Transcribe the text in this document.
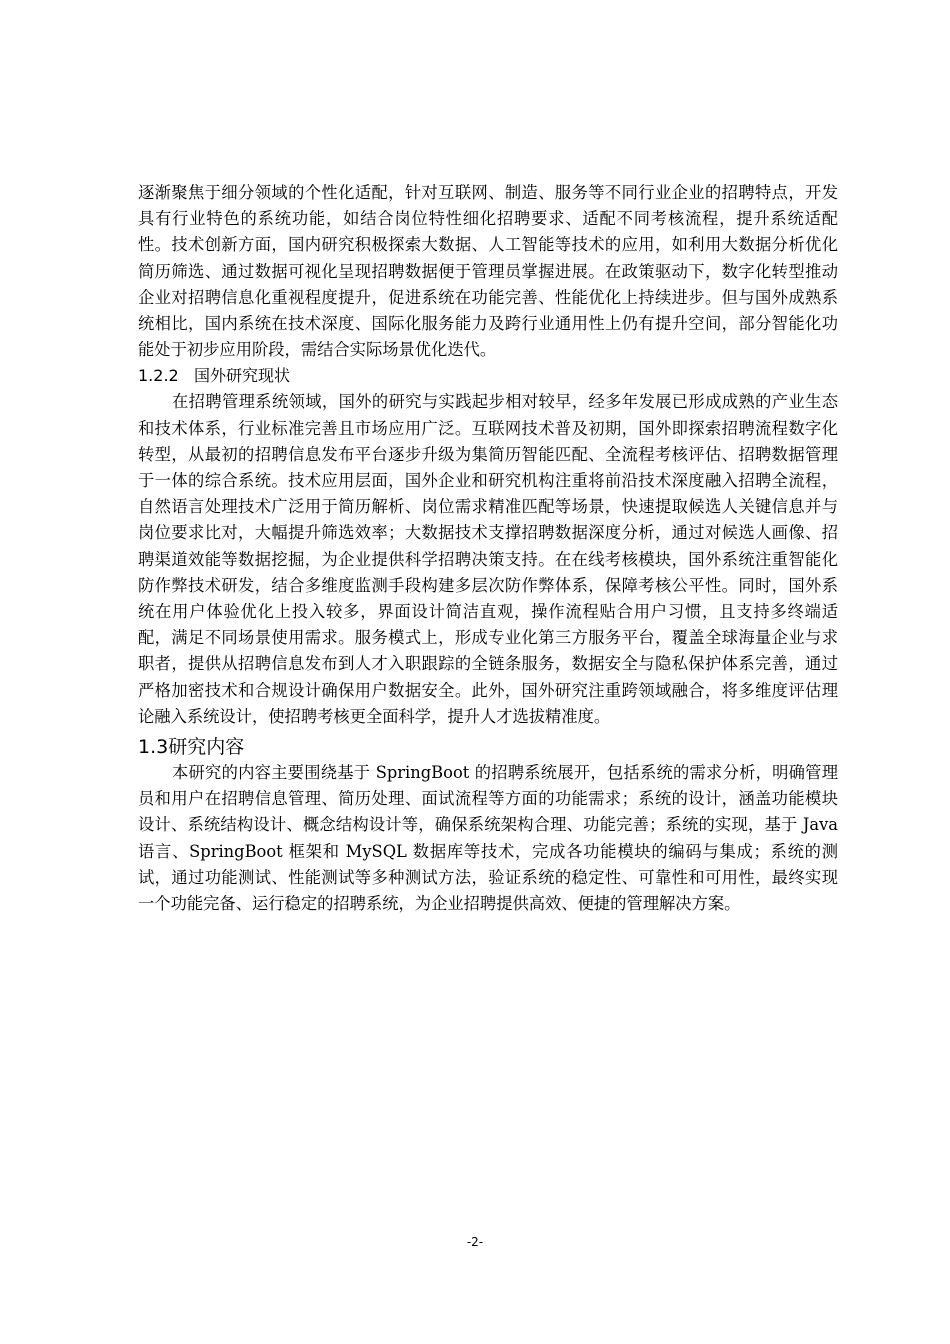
逐渐聚焦于细分领域的个性化适配，针对互联网、制造、服务等不同行业企业的招聘特点，开发具有行业特色的系统功能，如结合岗位特性细化招聘要求、适配不同考核流程，提升系统适配性。技术创新方面，国内研究积极探索大数据、人工智能等技术的应用，如利用大数据分析优化简历筛选、通过数据可视化呈现招聘数据便于管理员掌握进展。在政策驱动下，数字化转型推动企业对招聘信息化重视程度提升，促进系统在功能完善、性能优化上持续进步。但与国外成熟系统相比，国内系统在技术深度、国际化服务能力及跨行业通用性上仍有提升空间，部分智能化功能处于初步应用阶段，需结合实际场景优化迭代。

1.2.2 国外研究现状

在招聘管理系统领域，国外的研究与实践起步相对较早，经多年发展已形成成熟的产业生态和技术体系，行业标准完善且市场应用广泛。互联网技术普及初期，国外即探索招聘流程数字化转型，从最初的招聘信息发布平台逐步升级为集简历智能匹配、全流程考核评估、招聘数据管理于一体的综合系统。技术应用层面，国外企业和研究机构注重将前沿技术深度融入招聘全流程，自然语言处理技术广泛用于简历解析、岗位需求精准匹配等场景，快速提取候选人关键信息并与岗位要求比对，大幅提升筛选效率；大数据技术支撑招聘数据深度分析，通过对候选人画像、招聘渠道效能等数据挖掘，为企业提供科学招聘决策支持。在在线考核模块，国外系统注重智能化防作弊技术研发，结合多维度监测手段构建多层次防作弊体系，保障考核公平性。同时，国外系统在用户体验优化上投入较多，界面设计简洁直观，操作流程贴合用户习惯，且支持多终端适配，满足不同场景使用需求。服务模式上，形成专业化第三方服务平台，覆盖全球海量企业与求职者，提供从招聘信息发布到人才入职跟踪的全链条服务，数据安全与隐私保护体系完善，通过严格加密技术和合规设计确保用户数据安全。此外，国外研究注重跨领域融合，将多维度评估理论融入系统设计，使招聘考核更全面科学，提升人才选拔精准度。

1.3研究内容

本研究的内容主要围绕基于 SpringBoot 的招聘系统展开，包括系统的需求分析，明确管理员和用户在招聘信息管理、简历处理、面试流程等方面的功能需求；系统的设计，涵盖功能模块设计、系统结构设计、概念结构设计等，确保系统架构合理、功能完善；系统的实现，基于 Java 语言、SpringBoot 框架和 MySQL 数据库等技术，完成各功能模块的编码与集成；系统的测试，通过功能测试、性能测试等多种测试方法，验证系统的稳定性、可靠性和可用性，最终实现一个功能完备、运行稳定的招聘系统，为企业招聘提供高效、便捷的管理解决方案。

-2-
